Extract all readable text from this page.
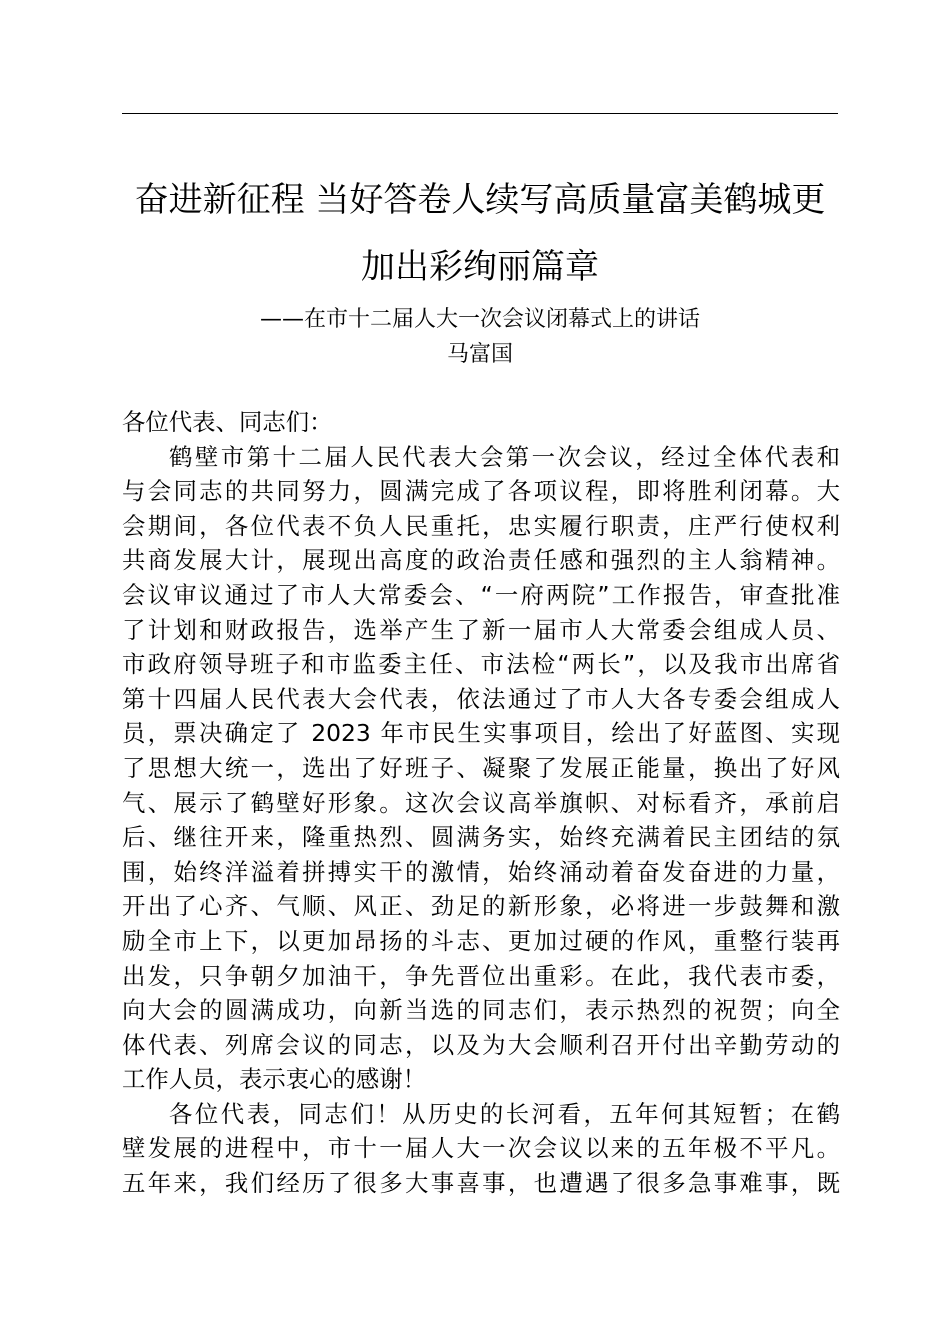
奋进新征程 当好答卷人续写高质量富美鹤城更
加出彩绚丽篇章
——在市十二届人大一次会议闭幕式上的讲话
马富国
各位代表、同志们：
鹤壁市第十二届人民代表大会第一次会议，经过全体代表和
与会同志的共同努力，圆满完成了各项议程，即将胜利闭幕。大
会期间，各位代表不负人民重托，忠实履行职责，庄严行使权利
共商发展大计，展现出高度的政治责任感和强烈的主人翁精神。
会议审议通过了市人大常委会、“一府两院”工作报告，审查批准
了计划和财政报告，选举产生了新一届市人大常委会组成人员、
市政府领导班子和市监委主任、市法检“两长”，以及我市出席省
第十四届人民代表大会代表，依法通过了市人大各专委会组成人
员，票决确定了 2023 年市民生实事项目，绘出了好蓝图、实现
了思想大统一，选出了好班子、凝聚了发展正能量，换出了好风
气、展示了鹤壁好形象。这次会议高举旗帜、对标看齐，承前启
后、继往开来，隆重热烈、圆满务实，始终充满着民主团结的氛
围，始终洋溢着拼搏实干的激情，始终涌动着奋发奋进的力量，
开出了心齐、气顺、风正、劲足的新形象，必将进一步鼓舞和激
励全市上下，以更加昂扬的斗志、更加过硬的作风，重整行装再
出发，只争朝夕加油干，争先晋位出重彩。在此，我代表市委，
向大会的圆满成功，向新当选的同志们，表示热烈的祝贺；向全
体代表、列席会议的同志，以及为大会顺利召开付出辛勤劳动的
工作人员，表示衷心的感谢！
各位代表，同志们！从历史的长河看，五年何其短暂；在鹤
壁发展的进程中，市十一届人大一次会议以来的五年极不平凡。
五年来，我们经历了很多大事喜事，也遭遇了很多急事难事，既
